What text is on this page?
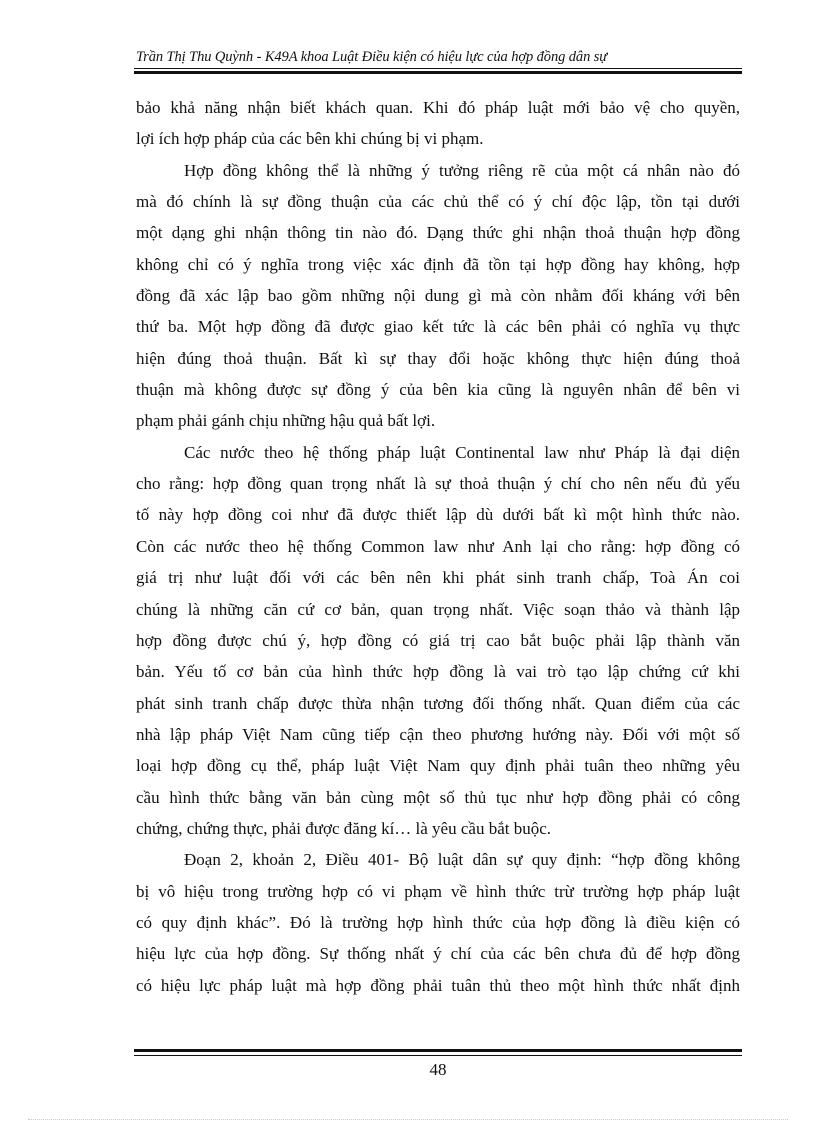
Trần Thị Thu Quỳnh - K49A khoa Luật Điều kiện có hiệu lực của hợp đồng dân sự
bảo khả năng nhận biết khách quan. Khi đó pháp luật mới bảo vệ cho quyền,
lợi ích hợp pháp của các bên khi chúng bị vi phạm.
Hợp đồng không thể là những ý tưởng riêng rẽ của một cá nhân nào đó
mà đó chính là sự đồng thuận của các chủ thể có ý chí độc lập, tồn tại dưới
một dạng ghi nhận thông tin nào đó. Dạng thức ghi nhận thoả thuận hợp đồng
không chỉ có ý nghĩa trong việc xác định đã tồn tại hợp đồng hay không, hợp
đồng đã xác lập bao gồm những nội dung gì mà còn nhằm đối kháng với bên
thứ ba. Một hợp đồng đã được giao kết tức là các bên phải có nghĩa vụ thực
hiện đúng thoả thuận. Bất kì sự thay đổi hoặc không thực hiện đúng thoả
thuận mà không được sự đồng ý của bên kia cũng là nguyên nhân để bên vi
phạm phải gánh chịu những hậu quả bất lợi.
Các nước theo hệ thống pháp luật Continental law như Pháp là đại diện
cho rằng: hợp đồng quan trọng nhất là sự thoả thuận ý chí cho nên nếu đủ yếu
tố này hợp đồng coi như đã được thiết lập dù dưới bất kì một hình thức nào.
Còn các nước theo hệ thống Common law như Anh lại cho rằng: hợp đồng có
giá trị như luật đối với các bên nên khi phát sinh tranh chấp, Toà Án coi
chúng là những căn cứ cơ bản, quan trọng nhất. Việc soạn thảo và thành lập
hợp đồng được chú ý, hợp đồng có giá trị cao bắt buộc phải lập thành văn
bản. Yếu tố cơ bản của hình thức hợp đồng là vai trò tạo lập chứng cứ khi
phát sinh tranh chấp được thừa nhận tương đối thống nhất. Quan điểm của các
nhà lập pháp Việt Nam cũng tiếp cận theo phương hướng này. Đối với một số
loại hợp đồng cụ thể, pháp luật Việt Nam quy định phải tuân theo những yêu
cầu hình thức bằng văn bản cùng một số thủ tục như hợp đồng phải có công
chứng, chứng thực, phải được đăng kí… là yêu cầu bắt buộc.
Đoạn 2, khoản 2, Điều 401- Bộ luật dân sự quy định: “hợp đồng không
bị vô hiệu trong trường hợp có vi phạm về hình thức trừ trường hợp pháp luật
có quy định khác”. Đó là trường hợp hình thức của hợp đồng là điều kiện có
hiệu lực của hợp đồng. Sự thống nhất ý chí của các bên chưa đủ để hợp đồng
có hiệu lực pháp luật mà hợp đồng phải tuân thủ theo một hình thức nhất định
48
